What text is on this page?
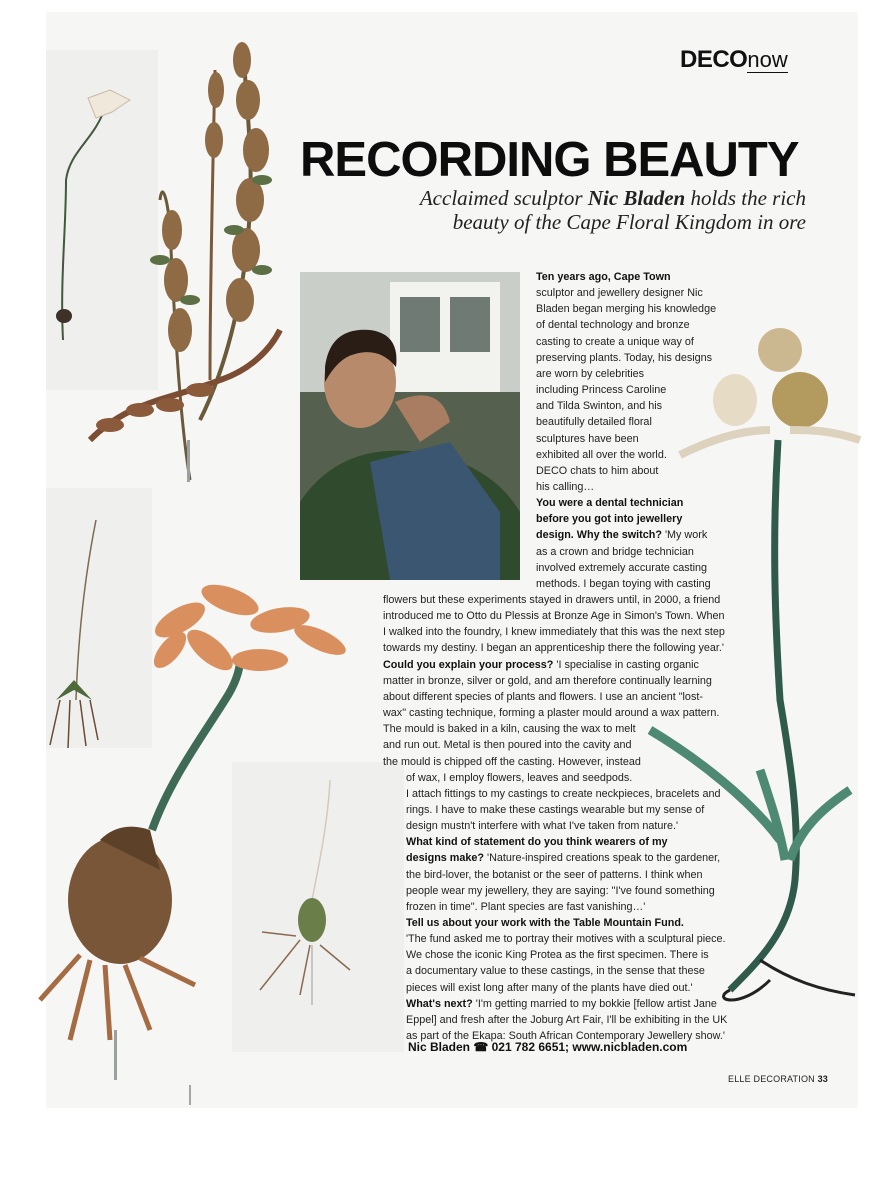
DECOnow
RECORDING BEAUTY
Acclaimed sculptor Nic Bladen holds the rich
beauty of the Cape Floral Kingdom in ore
Ten years ago, Cape Town
sculptor and jewellery designer Nic
Bladen began merging his knowledge
of dental technology and bronze
casting to create a unique way of
preserving plants. Today, his designs
are worn by celebrities
including Princess Caroline
and Tilda Swinton, and his
beautifully detailed floral
sculptures have been
exhibited all over the world.
DECO chats to him about
his calling…
You were a dental technician
before you got into jewellery
design. Why the switch? 'My work
as a crown and bridge technician
involved extremely accurate casting
methods. I began toying with casting
flowers but these experiments stayed in drawers until, in 2000, a friend
introduced me to Otto du Plessis at Bronze Age in Simon's Town. When
I walked into the foundry, I knew immediately that this was the next step
towards my destiny. I began an apprenticeship there the following year.'
Could you explain your process? 'I specialise in casting organic
matter in bronze, silver or gold, and am therefore continually learning
about different species of plants and flowers. I use an ancient "lost-
wax" casting technique, forming a plaster mould around a wax pattern.
The mould is baked in a kiln, causing the wax to melt
and run out. Metal is then poured into the cavity and
the mould is chipped off the casting. However, instead
of wax, I employ flowers, leaves and seedpods.
I attach fittings to my castings to create neckpieces, bracelets and
rings. I have to make these castings wearable but my sense of
design mustn't interfere with what I've taken from nature.'
What kind of statement do you think wearers of my
designs make? 'Nature-inspired creations speak to the gardener,
the bird-lover, the botanist or the seer of patterns. I think when
people wear my jewellery, they are saying: "I've found something
frozen in time". Plant species are fast vanishing…'
Tell us about your work with the Table Mountain Fund.
'The fund asked me to portray their motives with a sculptural piece.
We chose the iconic King Protea as the first specimen. There is
a documentary value to these castings, in the sense that these
pieces will exist long after many of the plants have died out.'
What's next? 'I'm getting married to my bokkie [fellow artist Jane
Eppel] and fresh after the Joburg Art Fair, I'll be exhibiting in the UK
as part of the Ekapa: South African Contemporary Jewellery show.'
Nic Bladen ☎ 021 782 6651; www.nicbladen.com
ELLE DECORATION 33
